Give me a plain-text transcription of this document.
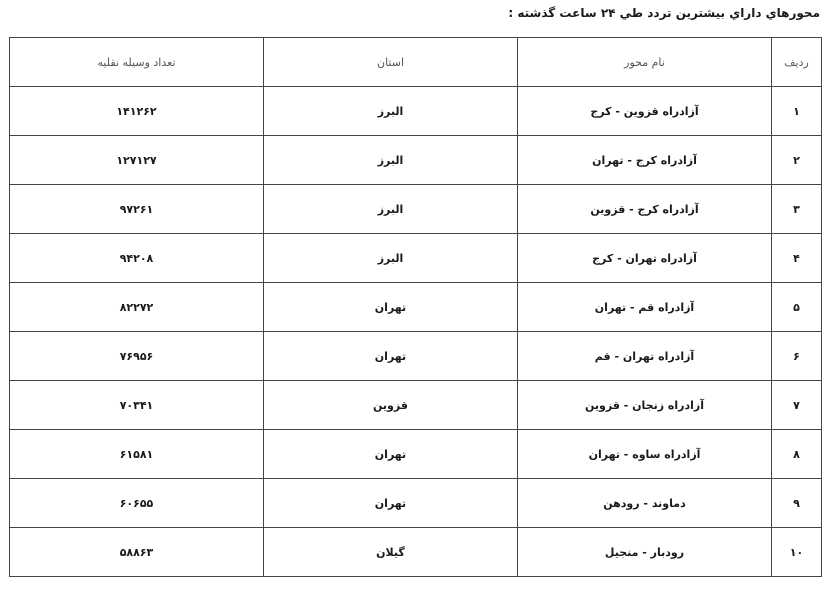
محورهاي داراي بيشترين تردد طي ۲۴ ساعت گذشته :
رديف	نام محور	استان	تعداد وسیله نقلیه
۱	آزادراه قزوین - کرج	البرز	۱۴۱۲۶۲
۲	آزادراه کرج - تهران	البرز	۱۲۷۱۲۷
۳	آزادراه کرج - قزوین	البرز	۹۷۲۶۱
۴	آزادراه تهران - کرج	البرز	۹۴۲۰۸
۵	آزادراه قم - تهران	تهران	۸۲۲۷۲
۶	آزادراه تهران - قم	تهران	۷۶۹۵۶
۷	آزادراه زنجان - قزوین	قزوین	۷۰۳۴۱
۸	آزادراه ساوه - تهران	تهران	۶۱۵۸۱
۹	دماوند - رودهن	تهران	۶۰۶۵۵
۱۰	رودبار - منجیل	گیلان	۵۸۸۶۳
